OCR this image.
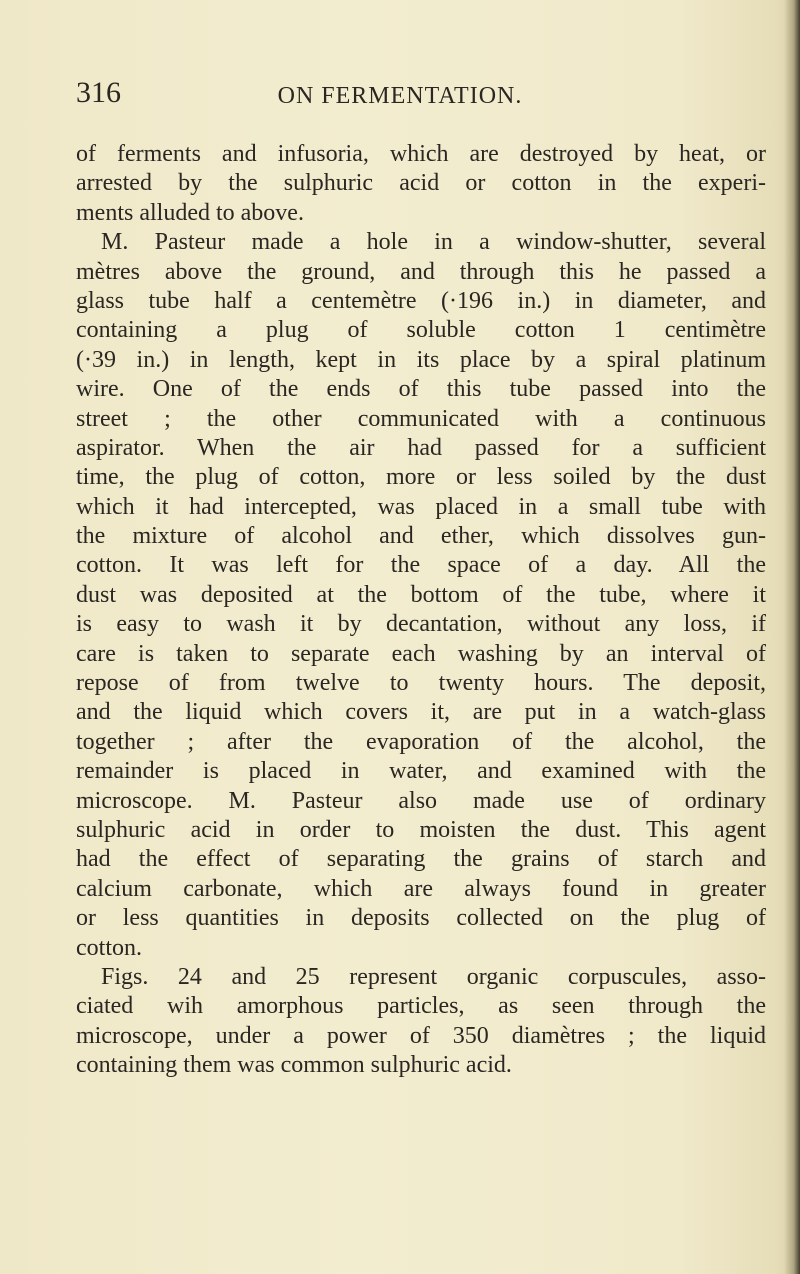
316	ON FERMENTATION.
of ferments and infusoria, which are destroyed by heat, or
arrested by the sulphuric acid or cotton in the experi-
ments alluded to above.
M. Pasteur made a hole in a window-shutter, several
mètres above the ground, and through this he passed a
glass tube half a centemètre (·196 in.) in diameter, and
containing a plug of soluble cotton 1 centimètre
(·39 in.) in length, kept in its place by a spiral platinum
wire. One of the ends of this tube passed into the
street ; the other communicated with a continuous
aspirator. When the air had passed for a sufficient
time, the plug of cotton, more or less soiled by the dust
which it had intercepted, was placed in a small tube with
the mixture of alcohol and ether, which dissolves gun-
cotton. It was left for the space of a day. All the
dust was deposited at the bottom of the tube, where it
is easy to wash it by decantation, without any loss, if
care is taken to separate each washing by an interval of
repose of from twelve to twenty hours. The deposit,
and the liquid which covers it, are put in a watch-glass
together ; after the evaporation of the alcohol, the
remainder is placed in water, and examined with the
microscope. M. Pasteur also made use of ordinary
sulphuric acid in order to moisten the dust. This agent
had the effect of separating the grains of starch and
calcium carbonate, which are always found in greater
or less quantities in deposits collected on the plug of
cotton.
Figs. 24 and 25 represent organic corpuscules, asso-
ciated wih amorphous particles, as seen through the
microscope, under a power of 350 diamètres ; the liquid
containing them was common sulphuric acid.
